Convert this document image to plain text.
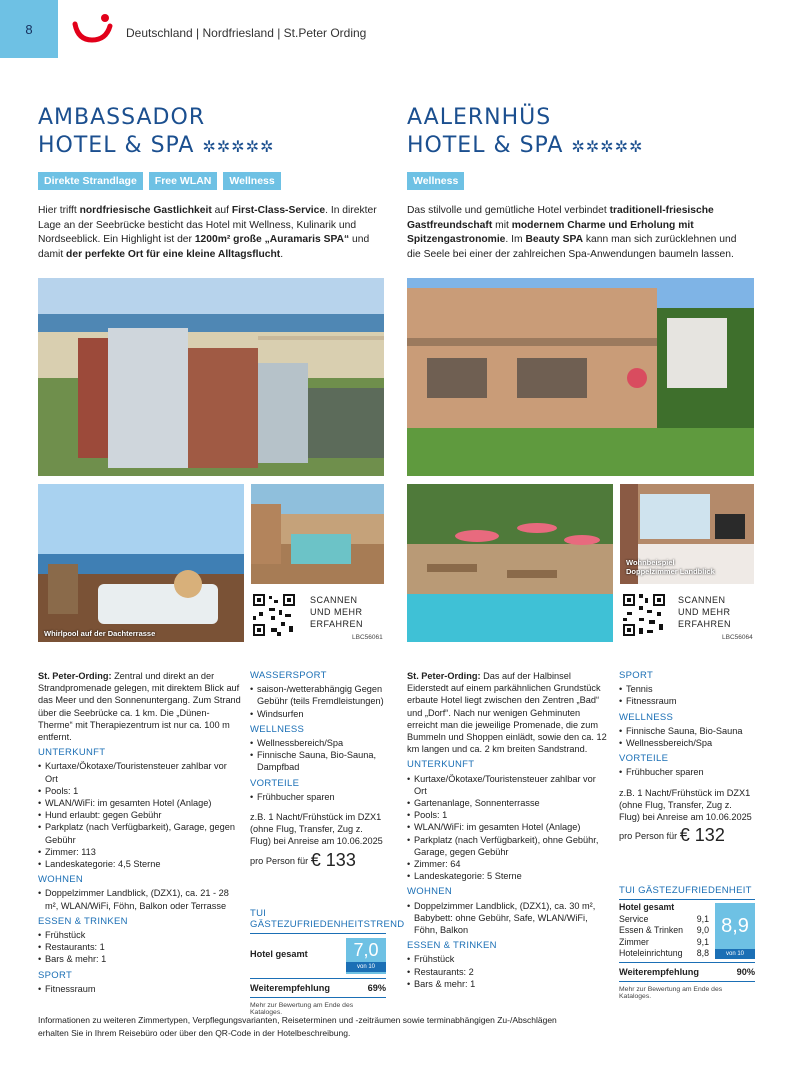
8	Deutschland | Nordfriesland | St.Peter Ording
AMBASSADOR
HOTEL & SPA ✲✲✲✲✲
Direkte Strandlage Free WLAN Wellness
Hier trifft nordfriesische Gastlichkeit auf First-Class-Service. In direkter Lage an der Seebrücke besticht das Hotel mit Wellness, Kulinarik und Nordseeblick. Ein Highlight ist der 1200m² große „Auramaris SPA“ und damit der perfekte Ort für eine kleine Alltagsflucht.
AALERNHÜS
HOTEL & SPA ✲✲✲✲✲
Wellness
Das stilvolle und gemütliche Hotel verbindet traditionell-friesische Gastfreundschaft mit modernem Charme und Erholung mit Spitzengastronomie. Im Beauty SPA kann man sich zurücklehnen und die Seele bei einer der zahlreichen Spa-Anwendungen baumeln lassen.
Whirlpool auf der Dachterrasse
SCANNEN
UND MEHR
ERFAHREN
LBC56061
Wohnbeispiel
Doppelzimmer Landblick
SCANNEN
UND MEHR
ERFAHREN
LBC56064
St. Peter-Ording: Zentral und direkt an der Strandpromenade gelegen, mit direktem Blick auf das Meer und den Sonnenuntergang. Zum Strand über die Seebrücke ca. 1 km. Die „Dünen-Therme“ mit Therapiezentrum ist nur ca. 100 m entfernt.
UNTERKUNFT
• Kurtaxe/Ökotaxe/Touristensteuer zahlbar vor Ort
• Pools: 1
• WLAN/WiFi: im gesamten Hotel (Anlage)
• Hund erlaubt: gegen Gebühr
• Parkplatz (nach Verfügbarkeit), Garage, gegen Gebühr
• Zimmer: 113
• Landeskategorie: 4,5 Sterne
WOHNEN
• Doppelzimmer Landblick, (DZX1), ca. 21 - 28 m², WLAN/WiFi, Föhn, Balkon oder Terrasse
ESSEN & TRINKEN
• Frühstück
• Restaurants: 1
• Bars & mehr: 1
SPORT
• Fitnessraum
WASSERSPORT
• saison-/wetterabhängig Gegen Gebühr (teils Fremdleistungen)
• Windsurfen
WELLNESS
• Wellnessbereich/Spa
• Finnische Sauna, Bio-Sauna, Dampfbad
VORTEILE
• Frühbucher sparen
z.B. 1 Nacht/Frühstück im DZX1 (ohne Flug, Transfer, Zug z. Flug) bei Anreise am 10.06.2025
pro Person für € 133
TUI GÄSTEZUFRIEDENHEITSTREND
Hotel gesamt	7,0
von 10
Weiterempfehlung	69%
Mehr zur Bewertung am Ende des Kataloges.
St. Peter-Ording: Das auf der Halbinsel Eiderstedt auf einem parkähnlichen Grundstück erbaute Hotel liegt zwischen den Zentren „Bad“ und „Dorf“. Nach nur wenigen Gehminuten erreicht man die jeweilige Promenade, die zum Bummeln und Shoppen einlädt, sowie den ca. 12 km langen und ca. 2 km breiten Sandstrand.
UNTERKUNFT
• Kurtaxe/Ökotaxe/Touristensteuer zahlbar vor Ort
• Gartenanlage, Sonnenterrasse
• Pools: 1
• WLAN/WiFi: im gesamten Hotel (Anlage)
• Parkplatz (nach Verfügbarkeit), ohne Gebühr, Garage, gegen Gebühr
• Zimmer: 64
• Landeskategorie: 5 Sterne
WOHNEN
• Doppelzimmer Landblick, (DZX1), ca. 30 m², Babybett: ohne Gebühr, Safe, WLAN/WiFi, Föhn, Balkon
ESSEN & TRINKEN
• Frühstück
• Restaurants: 2
• Bars & mehr: 1
SPORT
• Tennis
• Fitnessraum
WELLNESS
• Finnische Sauna, Bio-Sauna
• Wellnessbereich/Spa
VORTEILE
• Frühbucher sparen
z.B. 1 Nacht/Frühstück im DZX1 (ohne Flug, Transfer, Zug z. Flug) bei Anreise am 10.06.2025
pro Person für € 132
TUI GÄSTEZUFRIEDENHEIT
Hotel gesamt
Service	9,1
Essen & Trinken 9,0
Zimmer	9,1
Hoteleinrichtung 8,8
8,9
von 10
Weiterempfehlung	90%
Mehr zur Bewertung am Ende des Kataloges.
Informationen zu weiteren Zimmertypen, Verpflegungsvarianten, Reiseterminen und -zeiträumen sowie terminabhängigen Zu-/Abschlägen
erhalten Sie in Ihrem Reisebüro oder über den QR-Code in der Hotelbeschreibung.
